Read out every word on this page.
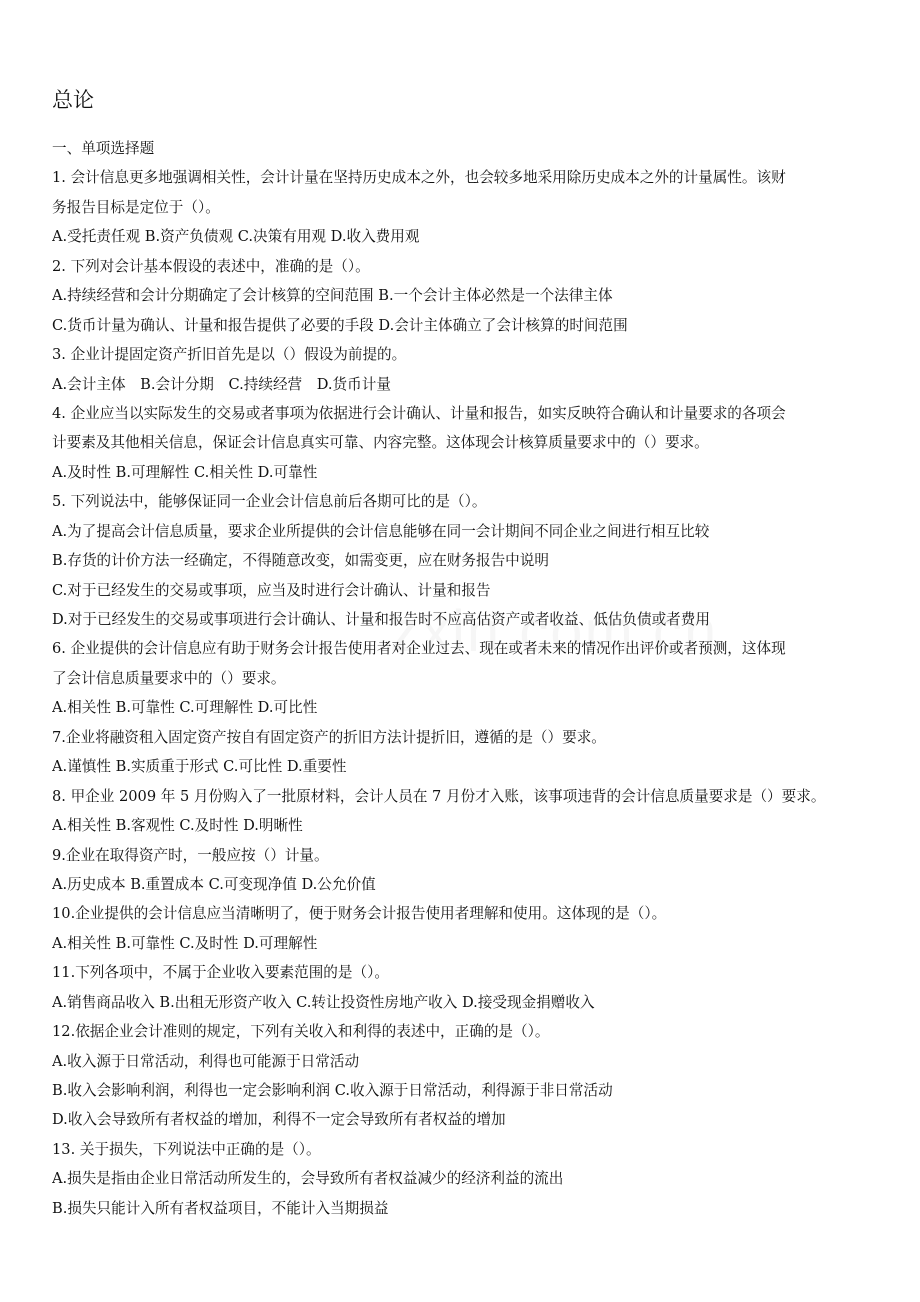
总论
一、单项选择题
1. 会计信息更多地强调相关性，会计计量在坚持历史成本之外，也会较多地采用除历史成本之外的计量属性。该财
务报告目标是定位于（）。
A.受托责任观 B.资产负债观 C.决策有用观 D.收入费用观
2. 下列对会计基本假设的表述中，准确的是（）。
A.持续经营和会计分期确定了会计核算的空间范围 B.一个会计主体必然是一个法律主体
C.货币计量为确认、计量和报告提供了必要的手段 D.会计主体确立了会计核算的时间范围
3. 企业计提固定资产折旧首先是以（）假设为前提的。
A.会计主体　B.会计分期　C.持续经营　D.货币计量
4. 企业应当以实际发生的交易或者事项为依据进行会计确认、计量和报告，如实反映符合确认和计量要求的各项会
计要素及其他相关信息，保证会计信息真实可靠、内容完整。这体现会计核算质量要求中的（）要求。
A.及时性 B.可理解性 C.相关性 D.可靠性
5. 下列说法中，能够保证同一企业会计信息前后各期可比的是（）。
A.为了提高会计信息质量，要求企业所提供的会计信息能够在同一会计期间不同企业之间进行相互比较
B.存货的计价方法一经确定，不得随意改变，如需变更，应在财务报告中说明
C.对于已经发生的交易或事项，应当及时进行会计确认、计量和报告
D.对于已经发生的交易或事项进行会计确认、计量和报告时不应高估资产或者收益、低估负债或者费用
6. 企业提供的会计信息应有助于财务会计报告使用者对企业过去、现在或者未来的情况作出评价或者预测，这体现
了会计信息质量要求中的（）要求。
A.相关性 B.可靠性 C.可理解性 D.可比性
7.企业将融资租入固定资产按自有固定资产的折旧方法计提折旧，遵循的是（）要求。
A.谨慎性 B.实质重于形式 C.可比性 D.重要性
8. 甲企业 2009 年 5 月份购入了一批原材料，会计人员在 7 月份才入账，该事项违背的会计信息质量要求是（）要求。
A.相关性 B.客观性 C.及时性 D.明晰性
9.企业在取得资产时，一般应按（）计量。
A.历史成本 B.重置成本 C.可变现净值 D.公允价值
10.企业提供的会计信息应当清晰明了，便于财务会计报告使用者理解和使用。这体现的是（）。
A.相关性 B.可靠性 C.及时性 D.可理解性
11.下列各项中，不属于企业收入要素范围的是（）。
A.销售商品收入 B.出租无形资产收入 C.转让投资性房地产收入 D.接受现金捐赠收入
12.依据企业会计准则的规定，下列有关收入和利得的表述中，正确的是（）。
A.收入源于日常活动，利得也可能源于日常活动
B.收入会影响利润，利得也一定会影响利润 C.收入源于日常活动，利得源于非日常活动
D.收入会导致所有者权益的增加，利得不一定会导致所有者权益的增加
13. 关于损失，下列说法中正确的是（）。
A.损失是指由企业日常活动所发生的，会导致所有者权益减少的经济利益的流出
B.损失只能计入所有者权益项目，不能计入当期损益
